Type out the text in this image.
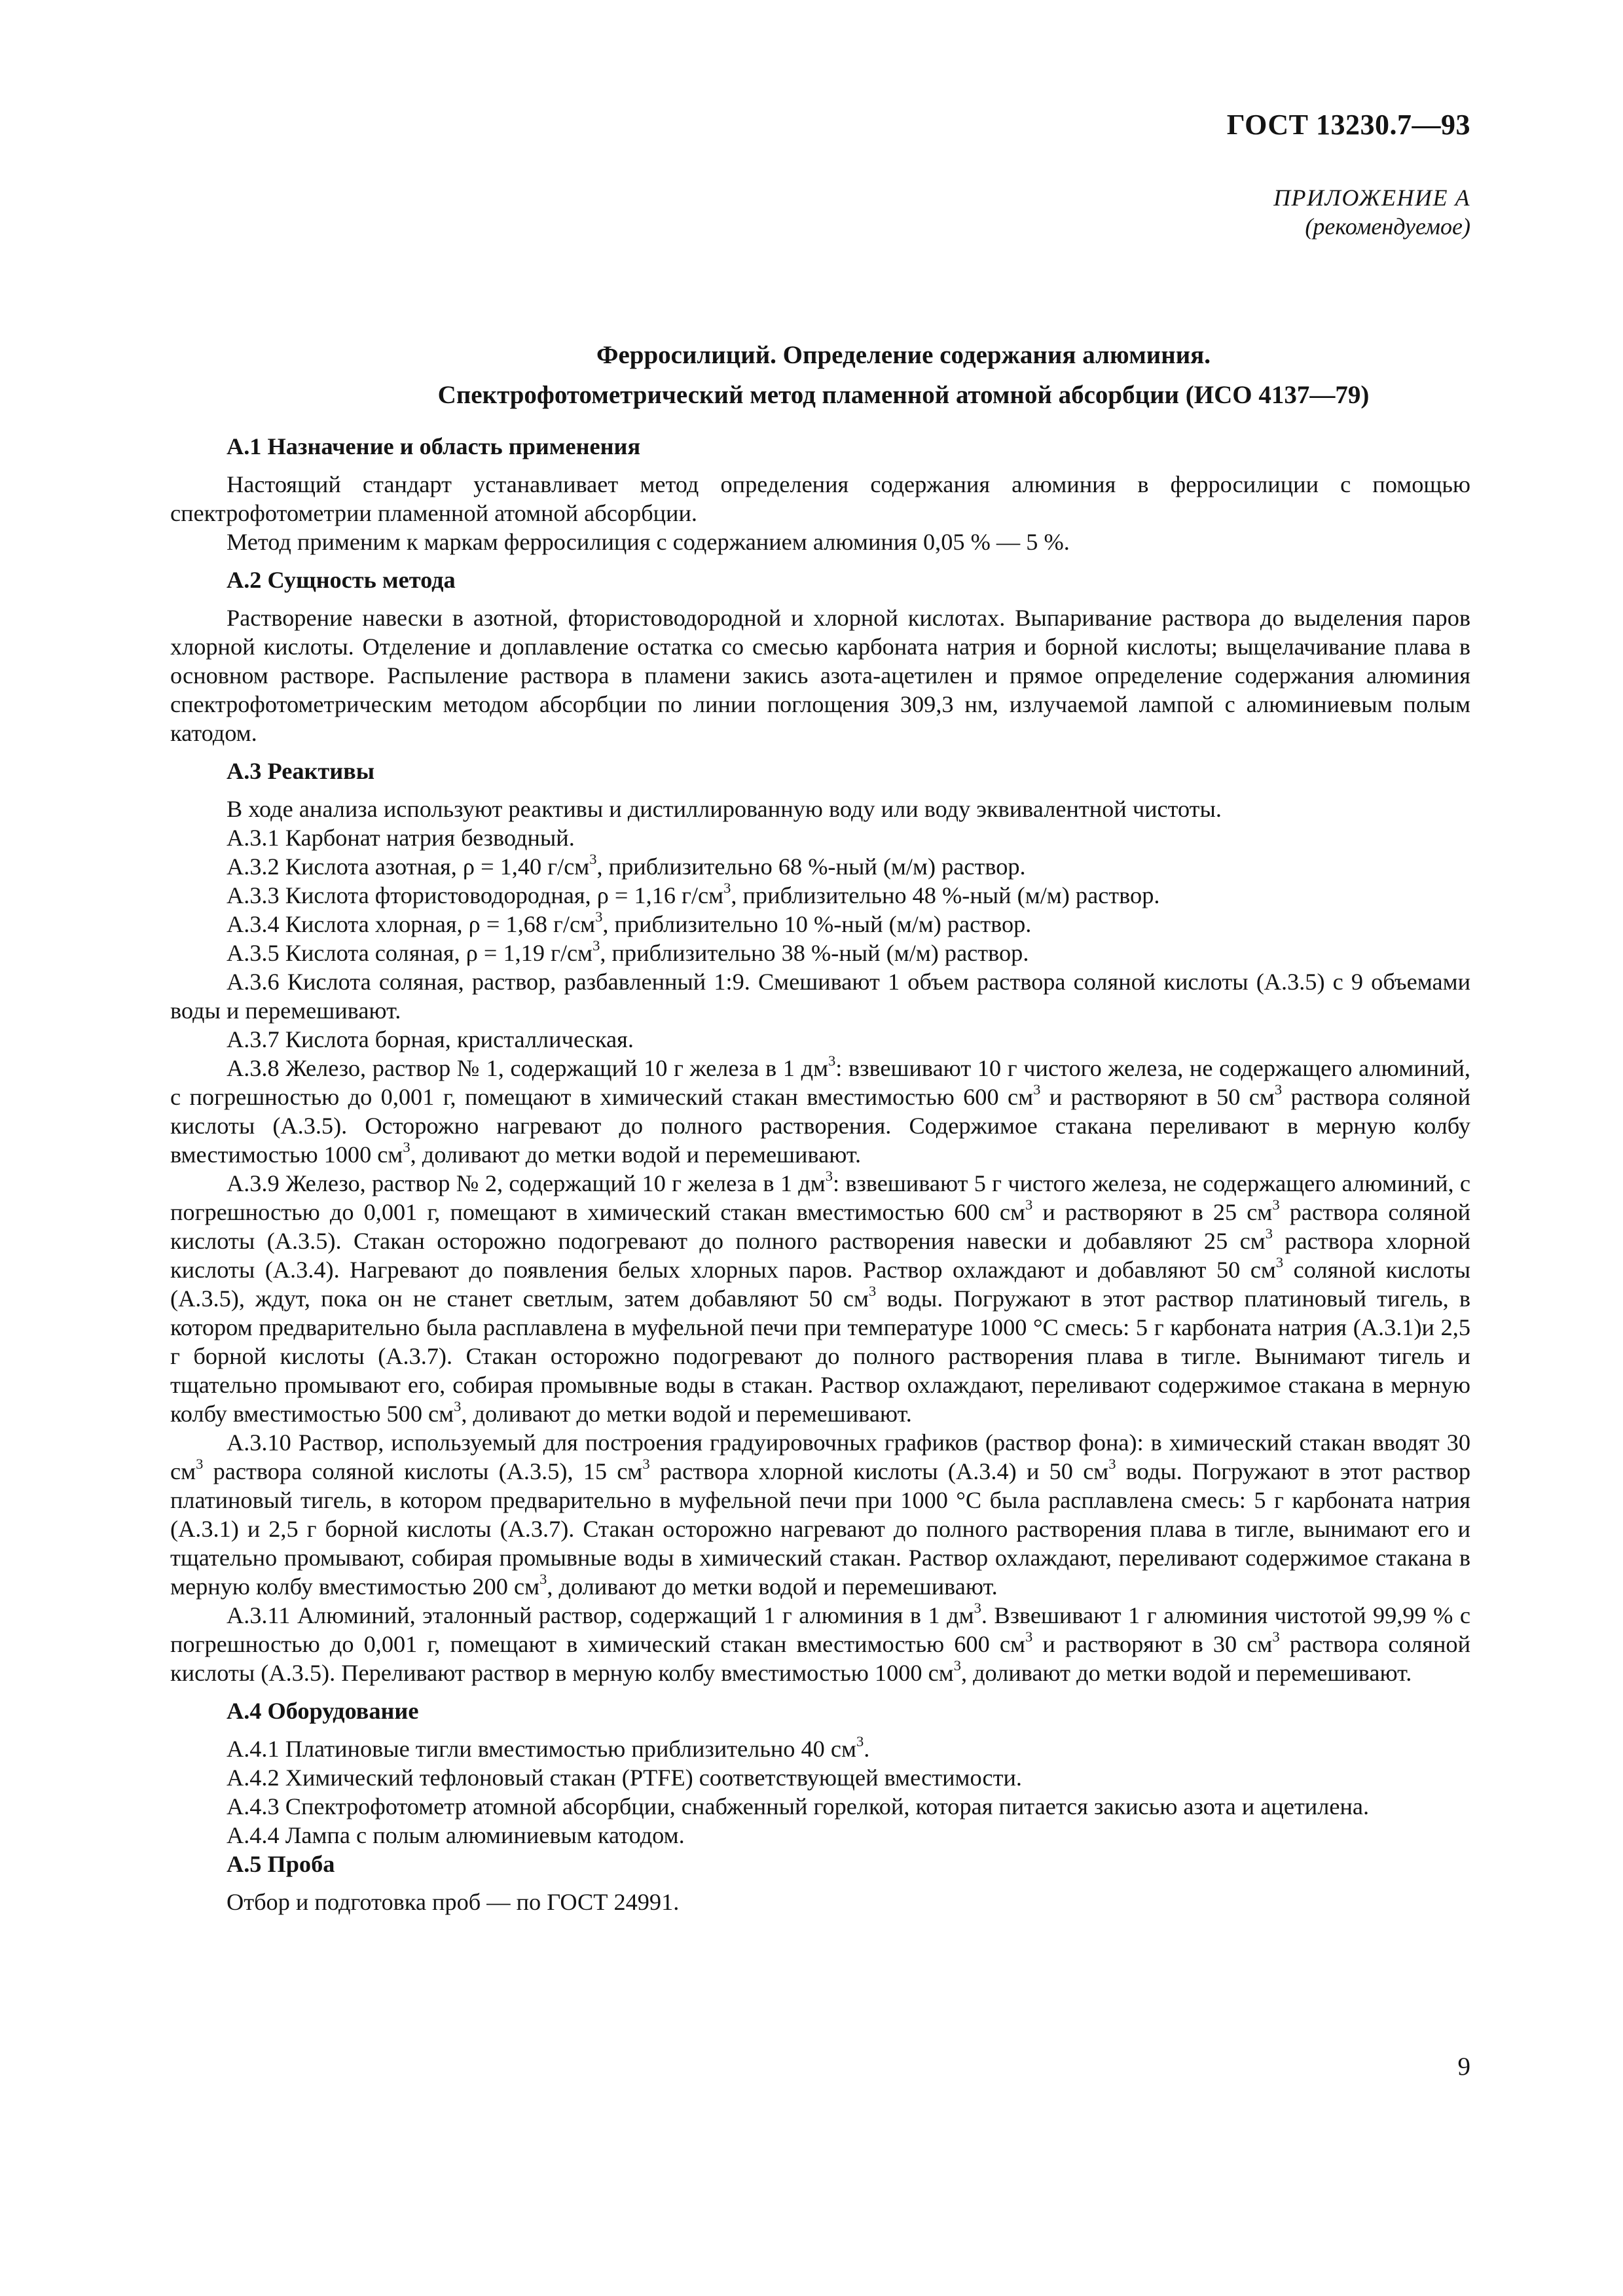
ГОСТ 13230.7—93
ПРИЛОЖЕНИЕ А
(рекомендуемое)
Ферросилиций. Определение содержания алюминия.
Спектрофотометрический метод пламенной атомной абсорбции (ИСО 4137—79)
А.1 Назначение и область применения

Настоящий стандарт устанавливает метод определения содержания алюминия в ферросилиции с помощью спектрофотометрии пламенной атомной абсорбции.

Метод применим к маркам ферросилиция с содержанием алюминия 0,05 % — 5 %.

А.2 Сущность метода

Растворение навески в азотной, фтористоводородной и хлорной кислотах. Выпаривание раствора до выделения паров хлорной кислоты. Отделение и доплавление остатка со смесью карбоната натрия и борной кислоты; выщелачивание плава в основном растворе. Распыление раствора в пламени закись азота-ацетилен и прямое определение содержания алюминия спектрофотометрическим методом абсорбции по линии поглощения 309,3 нм, излучаемой лампой с алюминиевым полым катодом.

А.3 Реактивы

В ходе анализа используют реактивы и дистиллированную воду или воду эквивалентной чистоты.

А.3.1 Карбонат натрия безводный.

А.3.2 Кислота азотная, ρ = 1,40 $г/см^3$, приблизительно 68 %-ный (м/м) раствор.

А.3.3 Кислота фтористоводородная, ρ = 1,16 $г/см^3$, приблизительно 48 %-ный (м/м) раствор.

А.3.4 Кислота хлорная, ρ = 1,68 $г/см^3$, приблизительно 10 %-ный (м/м) раствор.

А.3.5 Кислота соляная, ρ = 1,19 $г/см^3$, приблизительно 38 %-ный (м/м) раствор.

А.3.6 Кислота соляная, раствор, разбавленный 1:9. Смешивают 1 объем раствора соляной кислоты (А.3.5) с 9 объемами воды и перемешивают.

А.3.7 Кислота борная, кристаллическая.

А.3.8 Железо, раствор № 1, содержащий 10 г железа в 1 $дм^3$: взвешивают 10 г чистого железа, не содержащего алюминий, с погрешностью до 0,001 г, помещают в химический стакан вместимостью 600 $см^3$ и растворяют в 50 $см^3$ раствора соляной кислоты (А.3.5). Осторожно нагревают до полного растворения. Содержимое стакана переливают в мерную колбу вместимостью 1000 $см^3$, доливают до метки водой и перемешивают.

А.3.9 Железо, раствор № 2, содержащий 10 г железа в 1 $дм^3$: взвешивают 5 г чистого железа, не содержащего алюминий, с погрешностью до 0,001 г, помещают в химический стакан вместимостью 600 $см^3$ и растворяют в 25 $см^3$ раствора соляной кислоты (А.3.5). Стакан осторожно подогревают до полного растворения навески и добавляют 25 $см^3$ раствора хлорной кислоты (А.3.4). Нагревают до появления белых хлорных паров. Раствор охлаждают и добавляют 50 $см^3$ соляной кислоты (А.3.5), ждут, пока он не станет светлым, затем добавляют 50 $см^3$ воды. Погружают в этот раствор платиновый тигель, в котором предварительно была расплавлена в муфельной печи при температуре 1000 °С смесь: 5 г карбоната натрия (А.3.1)и 2,5 г борной кислоты (А.3.7). Стакан осторожно подогревают до полного растворения плава в тигле. Вынимают тигель и тщательно промывают его, собирая промывные воды в стакан. Раствор охлаждают, переливают содержимое стакана в мерную колбу вместимостью 500 $см^3$, доливают до метки водой и перемешивают.

А.3.10 Раствор, используемый для построения градуировочных графиков (раствор фона): в химический стакан вводят 30 $см^3$ раствора соляной кислоты (А.3.5), 15 $см^3$ раствора хлорной кислоты (А.3.4) и 50 $см^3$ воды. Погружают в этот раствор платиновый тигель, в котором предварительно в муфельной печи при 1000 °С была расплавлена смесь: 5 г карбоната натрия (А.3.1) и 2,5 г борной кислоты (А.3.7). Стакан осторожно нагревают до полного растворения плава в тигле, вынимают его и тщательно промывают, собирая промывные воды в химический стакан. Раствор охлаждают, переливают содержимое стакана в мерную колбу вместимостью 200 $см^3$, доливают до метки водой и перемешивают.

А.3.11 Алюминий, эталонный раствор, содержащий 1 г алюминия в 1 $дм^3$. Взвешивают 1 г алюминия чистотой 99,99 % с погрешностью до 0,001 г, помещают в химический стакан вместимостью 600 $см^3$ и растворяют в 30 $см^3$ раствора соляной кислоты (А.3.5). Переливают раствор в мерную колбу вместимостью 1000 $см^3$, доливают до метки водой и перемешивают.

А.4 Оборудование

А.4.1 Платиновые тигли вместимостью приблизительно 40 $см^3$.

А.4.2 Химический тефлоновый стакан (PTFE) соответствующей вместимости.

А.4.3 Спектрофотометр атомной абсорбции, снабженный горелкой, которая питается закисью азота и ацетилена.

А.4.4 Лампа с полым алюминиевым катодом.

А.5 Проба

Отбор и подготовка проб — по ГОСТ 24991.

9
